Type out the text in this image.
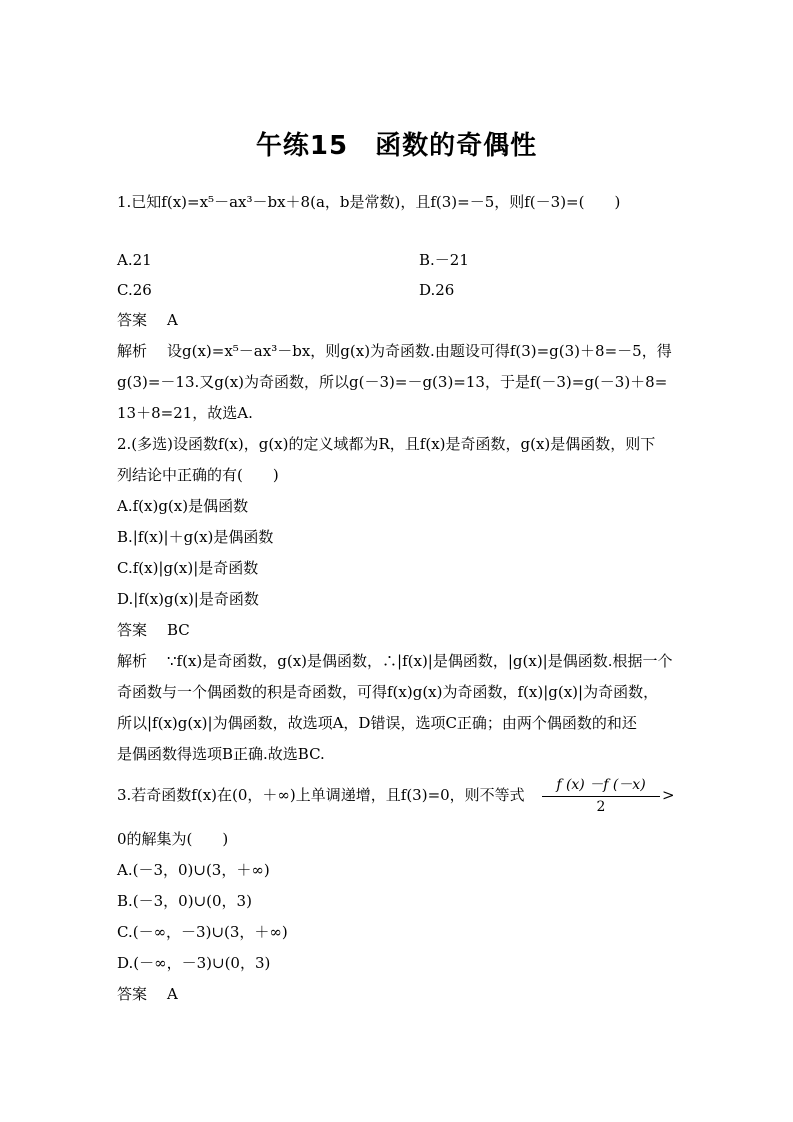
午练15　函数的奇偶性
1.已知f(x)=x⁵－ax³－bx＋8(a，b是常数)，且f(3)=－5，则f(－3)=(　　)
A.21	B.－21
C.26	D.26
答案 A
解析 设g(x)=x⁵－ax³－bx，则g(x)为奇函数.由题设可得f(3)=g(3)＋8=－5，得
g(3)=－13.又g(x)为奇函数，所以g(－3)=－g(3)=13，于是f(－3)=g(－3)＋8=
13＋8=21，故选A.
2.(多选)设函数f(x)，g(x)的定义域都为R，且f(x)是奇函数，g(x)是偶函数，则下
列结论中正确的有(　　)
A.f(x)g(x)是偶函数
B.|f(x)|＋g(x)是偶函数
C.f(x)|g(x)|是奇函数
D.|f(x)g(x)|是奇函数
答案 BC
解析 ∵f(x)是奇函数，g(x)是偶函数，∴|f(x)|是偶函数，|g(x)|是偶函数.根据一个
奇函数与一个偶函数的积是奇函数，可得f(x)g(x)为奇函数，f(x)|g(x)|为奇函数，
所以|f(x)g(x)|为偶函数，故选项A，D错误，选项C正确；由两个偶函数的和还
是偶函数得选项B正确.故选BC.
3.若奇函数f(x)在(0，＋∞)上单调递增，且f(3)=0，则不等式
f (x) －f (－x)
2
>
0的解集为(　　)
A.(－3，0)∪(3，＋∞)
B.(－3，0)∪(0，3)
C.(－∞，－3)∪(3，＋∞)
D.(－∞，－3)∪(0，3)
答案 A
